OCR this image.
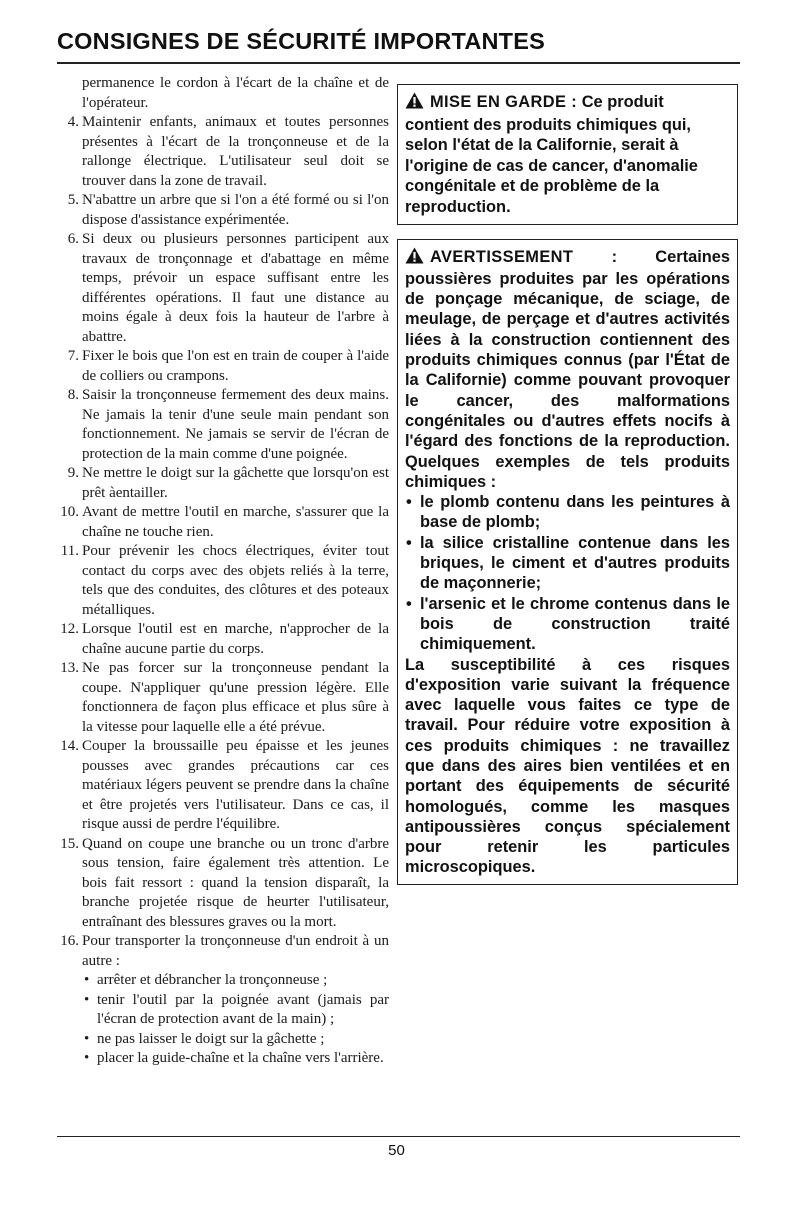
CONSIGNES DE SÉCURITÉ IMPORTANTES

permanence le cordon à l'écart de la chaîne et de l'opérateur.

4. Maintenir enfants, animaux et toutes personnes présentes à l'écart de la tronçonneuse et de la rallonge électrique. L'utilisateur seul doit se trouver dans la zone de travail.
5. N'abattre un arbre que si l'on a été formé ou si l'on dispose d'assistance expérimentée.
6. Si deux ou plusieurs personnes participent aux travaux de tronçonnage et d'abattage en même temps, prévoir un espace suffisant entre les différentes opérations. Il faut une distance au moins égale à deux fois la hauteur de l'arbre à abattre.
7. Fixer le bois que l'on est en train de couper à l'aide de colliers ou crampons.
8. Saisir la tronçonneuse fermement des deux mains. Ne jamais la tenir d'une seule main pendant son fonctionnement. Ne jamais se servir de l'écran de protection de la main comme d'une poignée.
9. Ne mettre le doigt sur la gâchette que lorsqu'on est prêt àentailler.
10. Avant de mettre l'outil en marche, s'assurer que la chaîne ne touche rien.
11. Pour prévenir les chocs électriques, éviter tout contact du corps avec des objets reliés à la terre, tels que des conduites, des clôtures et des poteaux métalliques.
12. Lorsque l'outil est en marche, n'approcher de la chaîne aucune partie du corps.
13. Ne pas forcer sur la tronçonneuse pendant la coupe. N'appliquer qu'une pression légère. Elle fonctionnera de façon plus efficace et plus sûre à la vitesse pour laquelle elle a été prévue.
14. Couper la broussaille peu épaisse et les jeunes pousses avec grandes précautions car ces matériaux légers peuvent se prendre dans la chaîne et être projetés vers l'utilisateur. Dans ce cas, il risque aussi de perdre l'équilibre.
15. Quand on coupe une branche ou un tronc d'arbre sous tension, faire également très attention. Le bois fait ressort : quand la tension disparaît, la branche projetée risque de heurter l'utilisateur, entraînant des blessures graves ou la mort.
16. Pour transporter la tronçonneuse d'un endroit à un autre :
• arrêter et débrancher la tronçonneuse ;
• tenir l'outil par la poignée avant (jamais par l'écran de protection avant de la main) ;
• ne pas laisser le doigt sur la gâchette ;
• placer la guide-chaîne et la chaîne vers l'arrière.

MISE EN GARDE : Ce produit contient des produits chimiques qui, selon l'état de la Californie, serait à l'origine de cas de cancer, d'anomalie congénitale et de problème de la reproduction.

AVERTISSEMENT : Certaines poussières produites par les opérations de ponçage mécanique, de sciage, de meulage, de perçage et d'autres activités liées à la construction contiennent des produits chimiques connus (par l'État de la Californie) comme pouvant provoquer le cancer, des malformations congénitales ou d'autres effets nocifs à l'égard des fonctions de la reproduction. Quelques exemples de tels produits chimiques :

• le plomb contenu dans les peintures à base de plomb;
• la silice cristalline contenue dans les briques, le ciment et d'autres produits de maçonnerie;
• l'arsenic et le chrome contenus dans le bois de construction traité chimiquement.

La susceptibilité à ces risques d'exposition varie suivant la fréquence avec laquelle vous faites ce type de travail. Pour réduire votre exposition à ces produits chimiques : ne travaillez que dans des aires bien ventilées et en portant des équipements de sécurité homologués, comme les masques antipoussières conçus spécialement pour retenir les particules microscopiques.

50
